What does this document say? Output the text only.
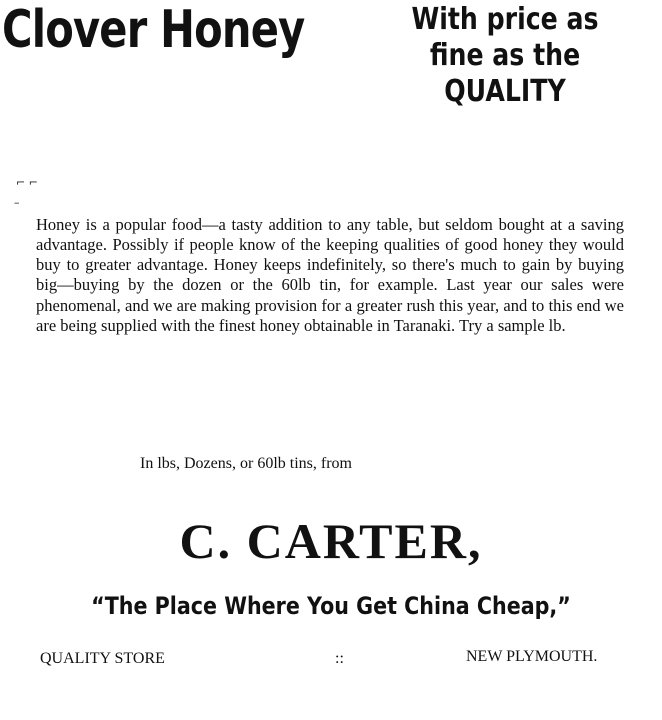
Clover Honey	With price as
fine as the
QUALITY
⌐ ⌐
–

Honey is a popular food—a tasty addition to any table, but seldom bought at a saving advantage. Possibly if people know of the keeping qualities of good honey they would buy to greater advantage. Honey keeps indefinitely, so there's much to gain by buying big—buying by the dozen or the 60lb tin, for example. Last year our sales were phenomenal, and we are making provision for a greater rush this year, and to this end we are being supplied with the finest honey obtainable in Taranaki. Try a sample lb.

In lbs, Dozens, or 60lb tins, from
C. CARTER,
“The Place Where You Get China Cheap,”
QUALITY STORE	::	NEW PLYMOUTH.
